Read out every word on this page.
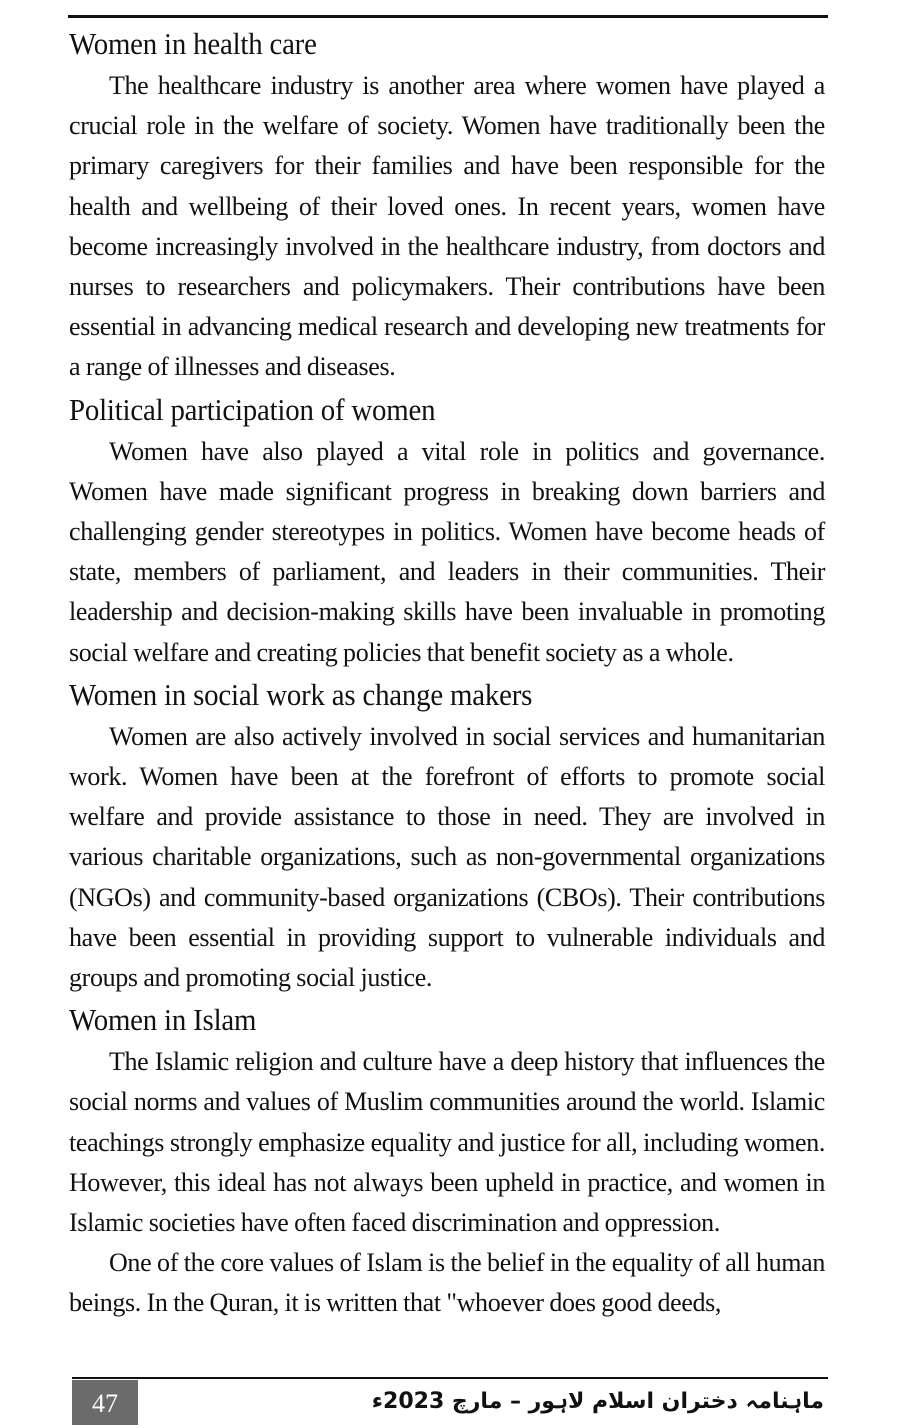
Women in health care

The healthcare industry is another area where women have played a crucial role in the welfare of society. Women have traditionally been the primary caregivers for their families and have been responsible for the health and wellbeing of their loved ones. In recent years, women have become increasingly involved in the healthcare industry, from doctors and nurses to researchers and policymakers. Their contributions have been essential in advancing medical research and developing new treatments for a range of illnesses and diseases.

Political participation of women

Women have also played a vital role in politics and governance. Women have made significant progress in breaking down barriers and challenging gender stereotypes in politics. Women have become heads of state, members of parliament, and leaders in their communities. Their leadership and decision-making skills have been invaluable in promoting social welfare and creating policies that benefit society as a whole.

Women in social work as change makers

Women are also actively involved in social services and humanitarian work. Women have been at the forefront of efforts to promote social welfare and provide assistance to those in need. They are involved in various charitable organizations, such as non-governmental organizations (NGOs) and community-based organizations (CBOs). Their contributions have been essential in providing support to vulnerable individuals and groups and promoting social justice.

Women in Islam

The Islamic religion and culture have a deep history that influences the social norms and values of Muslim communities around the world. Islamic teachings strongly emphasize equality and justice for all, including women. However, this ideal has not always been upheld in practice, and women in Islamic societies have often faced discrimination and oppression.

One of the core values of Islam is the belief in the equality of all human beings. In the Quran, it is written that "whoever does good deeds,

47	ماہنامہ دختران اسلام لاہور – مارچ 2023ء
